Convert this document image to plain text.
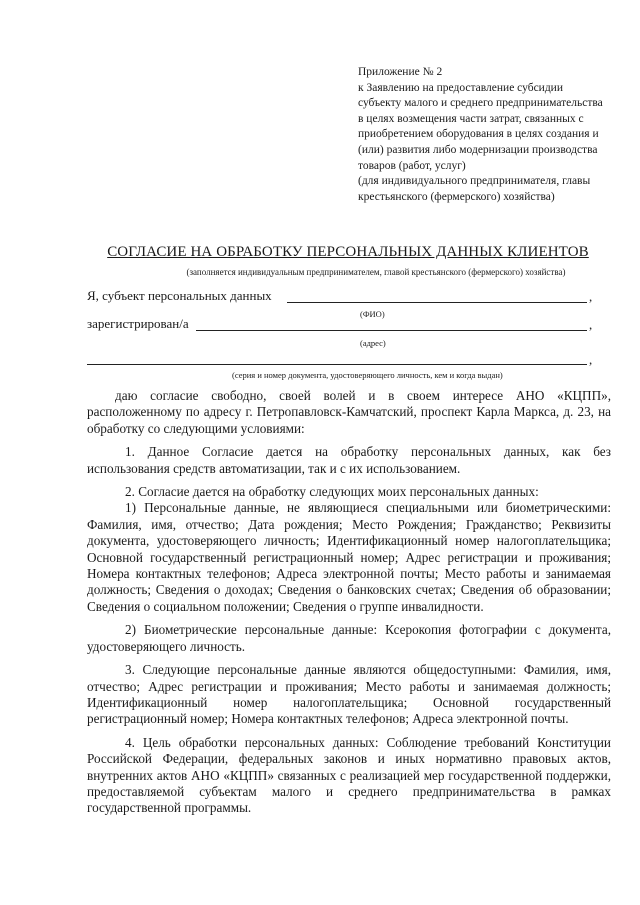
Приложение № 2
к Заявлению на предоставление субсидии
субъекту малого и среднего предпринимательства
в целях возмещения части затрат, связанных с
приобретением оборудования в целях создания и
(или) развития либо модернизации производства
товаров (работ, услуг)
(для индивидуального предпринимателя, главы
крестьянского (фермерского) хозяйства)
СОГЛАСИЕ НА ОБРАБОТКУ ПЕРСОНАЛЬНЫХ ДАННЫХ КЛИЕНТОВ
(заполняется индивидуальным предпринимателем, главой крестьянского (фермерского) хозяйства)
Я, субъект персональных данных	,
(ФИО)
зарегистрирован/а	,
(адрес)
,
(серия и номер документа, удостоверяющего личность, кем и когда выдан)

даю согласие свободно, своей волей и в своем интересе АНО «КЦПП»,
расположенному по адресу г. Петропавловск-Камчатский, проспект Карла Маркса, д. 23, на
обработку со следующими условиями:

1. Данное Согласие дается на обработку персональных данных, как без
использования средств автоматизации, так и с их использованием.

2. Согласие дается на обработку следующих моих персональных данных:

1) Персональные данные, не являющиеся специальными или биометрическими:
Фамилия, имя, отчество; Дата рождения; Место Рождения; Гражданство; Реквизиты
документа, удостоверяющего личность; Идентификационный номер налогоплательщика;
Основной государственный регистрационный номер; Адрес регистрации и проживания;
Номера контактных телефонов; Адреса электронной почты; Место работы и занимаемая
должность; Сведения о доходах; Сведения о банковских счетах; Сведения об образовании;
Сведения о социальном положении; Сведения о группе инвалидности.

2) Биометрические персональные данные: Ксерокопия фотографии с документа,
удостоверяющего личность.

3. Следующие персональные данные являются общедоступными: Фамилия, имя,
отчество; Адрес регистрации и проживания; Место работы и занимаемая должность;
Идентификационный номер налогоплательщика; Основной государственный
регистрационный номер; Номера контактных телефонов; Адреса электронной почты.

4. Цель обработки персональных данных: Соблюдение требований Конституции
Российской Федерации, федеральных законов и иных нормативно правовых актов,
внутренних актов АНО «КЦПП» связанных с реализацией мер государственной поддержки,
предоставляемой субъектам малого и среднего предпринимательства в рамках
государственной программы.
